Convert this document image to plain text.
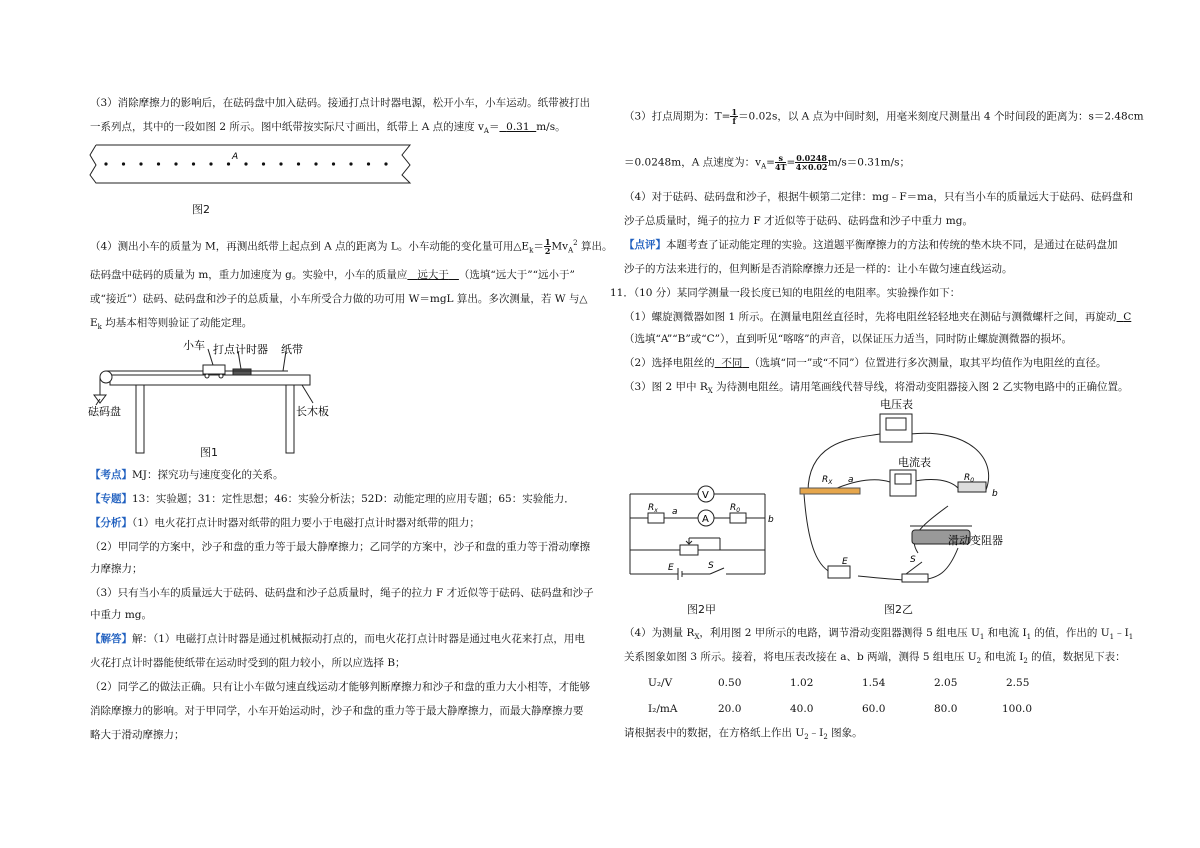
（3）消除摩擦力的影响后，在砝码盘中加入砝码。接通打点计时器电源，松开小车，小车运动。纸带被打出
一系列点，其中的一段如图 2 所示。图中纸带按实际尺寸画出，纸带上 A 点的速度 $v_A= 0.31$ m/s。
A
图2
（4）测出小车的质量为 M，再测出纸带上起点到 A 点的距离为 L。小车动能的变化量可用$\triangle E_k= \frac{1}{2} Mv_A^2$ 算出。
砝码盘中砝码的质量为 m，重力加速度为 g。实验中，小车的质量应 远大于 （选填“远大于”“远小于”
或“接近”）砝码、砝码盘和沙子的总质量，小车所受合力做的功可用 W＝mgL 算出。多次测量，若 W 与△
$E_k$ 均基本相等则验证了动能定理。
小车 打点计时器 纸带
砝码盘	长木板
图1
【考点】MJ：探究功与速度变化的关系。
【专题】13：实验题；31：定性思想；46：实验分析法；52D：动能定理的应用专题；65：实验能力．
【分析】（1）电火花打点计时器对纸带的阻力要小于电磁打点计时器对纸带的阻力；
（2）甲同学的方案中，沙子和盘的重力等于最大静摩擦力；乙同学的方案中，沙子和盘的重力等于滑动摩擦
力摩擦力；
（3）只有当小车的质量远大于砝码、砝码盘和沙子总质量时，绳子的拉力 F 才近似等于砝码、砝码盘和沙子
中重力 mg。
【解答】解：（1）电磁打点计时器是通过机械振动打点的，而电火花打点计时器是通过电火花来打点，用电
火花打点计时器能使纸带在运动时受到的阻力较小，所以应选择 B；
（2）同学乙的做法正确。只有让小车做匀速直线运动才能够判断摩擦力和沙子和盘的重力大小相等，才能够
消除摩擦力的影响。对于甲同学，小车开始运动时，沙子和盘的重力等于最大静摩擦力，而最大静摩擦力要
略大于滑动摩擦力；
（3）打点周期为：$T= \frac{1}{f} =0.02s$，以 A 点为中间时刻，用毫米刻度尺测量出 4 个时间段的距离为：s＝2.48cm
＝0.0248m，A 点速度为：$v_A= \frac{s}{4T} = \frac{0.0248}{4\times 0.02} m/s=0.31m/s$；
（4）对于砝码、砝码盘和沙子，根据牛顿第二定律：mg﹣F＝ma，只有当小车的质量远大于砝码、砝码盘和
沙子总质量时，绳子的拉力 F 才近似等于砝码、砝码盘和沙子中重力 mg。
【点评】本题考查了证动能定理的实验。这道题平衡摩擦力的方法和传统的垫木块不同，是通过在砝码盘加
沙子的方法来进行的，但判断是否消除摩擦力还是一样的：让小车做匀速直线运动。
11．（10 分）某同学测量一段长度已知的电阻丝的电阻率。实验操作如下：
（1）螺旋测微器如图 1 所示。在测量电阻丝直径时，先将电阻丝轻轻地夹在测砧与测微螺杆之间，再旋动 C
（选填“A”“B”或“C”），直到听见“喀喀”的声音，以保证压力适当，同时防止螺旋测微器的损坏。
（2）选择电阻丝的 不同 （选填“同一”或“不同”）位置进行多次测量，取其平均值作为电阻丝的直径。
（3）图 2 甲中 $R_X$ 为待测电阻丝。请用笔画线代替导线，将滑动变阻器接入图 2 乙实物电路中的正确位置。
V
A
$R_x$ a	$R_0$
b
E	S
图2甲
电压表
电流表
滑动变阻器
$R_X$ a	$R_0$
b
E	S
图2乙
（4）为测量 $R_X$，利用图 2 甲所示的电路，调节滑动变阻器测得 5 组电压 $U_1$ 和电流 $I_1$ 的值，作出的 $U_1﹣I_1$
关系图象如图 3 所示。接着，将电压表改接在 a、b 两端，测得 5 组电压 $U_2$ 和电流 $I_2$ 的值，数据见下表：
U₂/V	0.50	1.02	1.54	2.05	2.55
I₂/mA	20.0	40.0	60.0	80.0	100.0
请根据表中的数据，在方格纸上作出 $U_2﹣I_2$ 图象。
